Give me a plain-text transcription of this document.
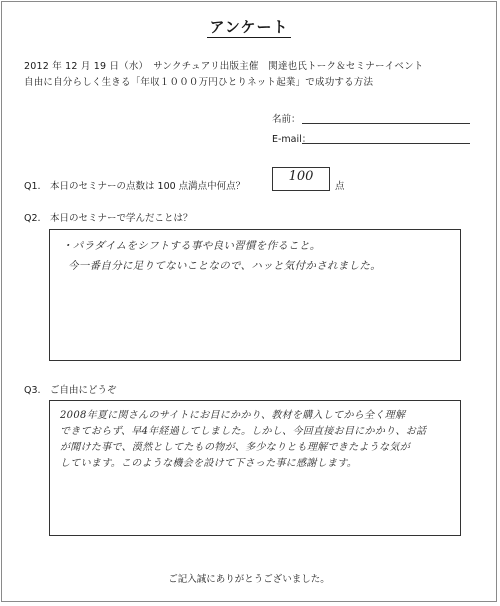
アンケート
2012 年 12 月 19 日（水）　サンクチュアリ出版主催　関達也氏トーク＆セミナーイベント
自由に自分らしく生きる「年収１０００万円ひとりネット起業」で成功する方法
名前：
E-mail：
Q1. 本日のセミナーの点数は 100 点満点中何点？
100
点
Q2. 本日のセミナーで学んだことは？
・パラダイムをシフトする事や良い習慣を作ること。
今一番自分に足りてないことなので、ハッと気付かされました。
Q3. ご自由にどうぞ
2008年夏に関さんのサイトにお目にかかり、教材を購入してから全く理解
できておらず、早4年経過してしました。しかし、今回直接お目にかかり、お話
が聞けた事で、漠然としてたもの物が、多少なりとも理解できたような気が
しています。このような機会を設けて下さった事に感謝します。
ご記入誠にありがとうございました。
